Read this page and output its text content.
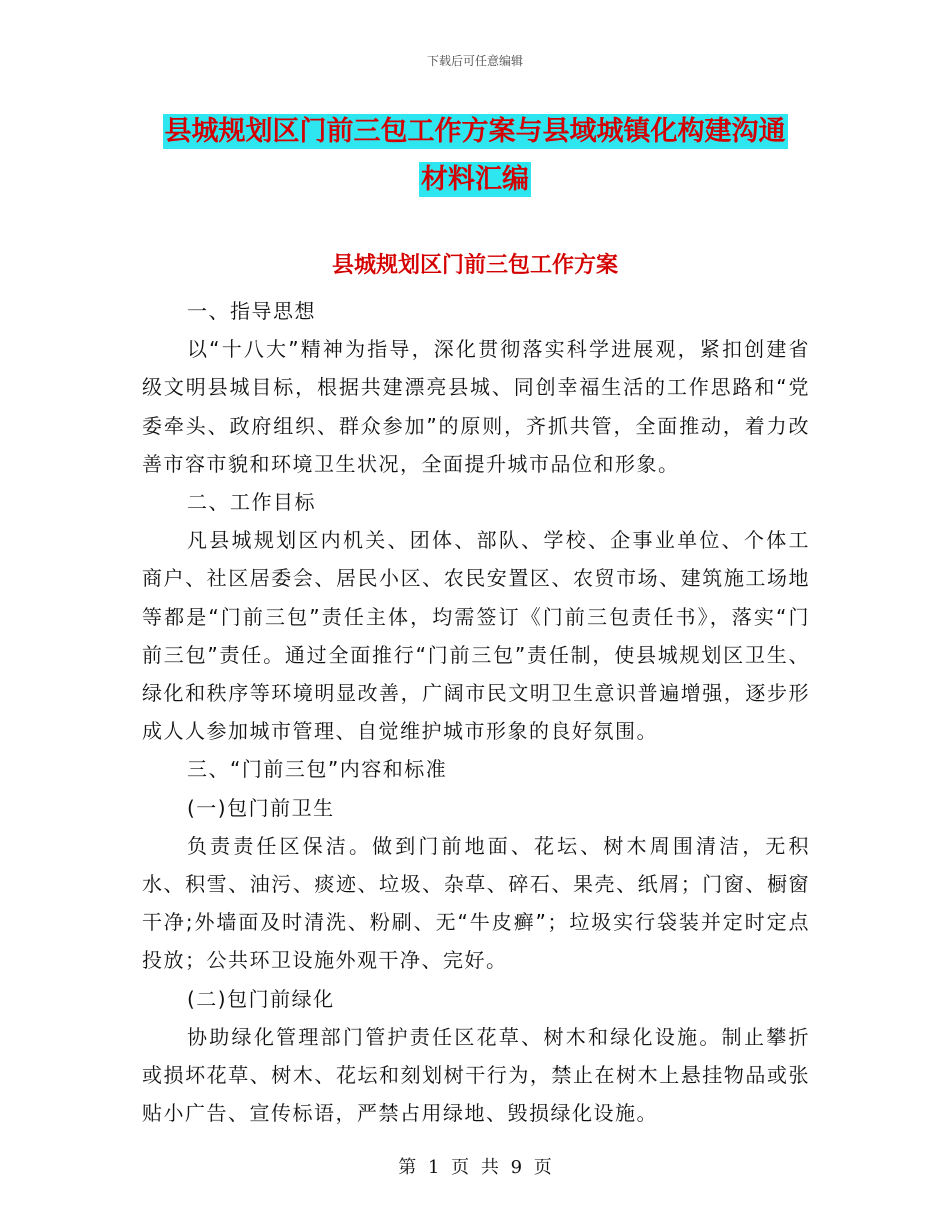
下载后可任意编辑
县城规划区门前三包工作方案与县域城镇化构建沟通
材料汇编
县城规划区门前三包工作方案

一、指导思想

以“十八大”精神为指导，深化贯彻落实科学进展观，紧扣创建省级文明县城目标，根据共建漂亮县城、同创幸福生活的工作思路和“党委牵头、政府组织、群众参加”的原则，齐抓共管，全面推动，着力改善市容市貌和环境卫生状况，全面提升城市品位和形象。

二、工作目标

凡县城规划区内机关、团体、部队、学校、企事业单位、个体工商户、社区居委会、居民小区、农民安置区、农贸市场、建筑施工场地等都是“门前三包”责任主体，均需签订《门前三包责任书》，落实“门前三包”责任。通过全面推行“门前三包”责任制，使县城规划区卫生、绿化和秩序等环境明显改善，广阔市民文明卫生意识普遍增强，逐步形成人人参加城市管理、自觉维护城市形象的良好氛围。

三、“门前三包”内容和标准

(一)包门前卫生

负责责任区保洁。做到门前地面、花坛、树木周围清洁，无积水、积雪、油污、痰迹、垃圾、杂草、碎石、果壳、纸屑；门窗、橱窗干净;外墙面及时清洗、粉刷、无“牛皮癣”；垃圾实行袋装并定时定点投放；公共环卫设施外观干净、完好。

(二)包门前绿化

协助绿化管理部门管护责任区花草、树木和绿化设施。制止攀折或损坏花草、树木、花坛和刻划树干行为，禁止在树木上悬挂物品或张贴小广告、宣传标语，严禁占用绿地、毁损绿化设施。

第 1 页 共 9 页
